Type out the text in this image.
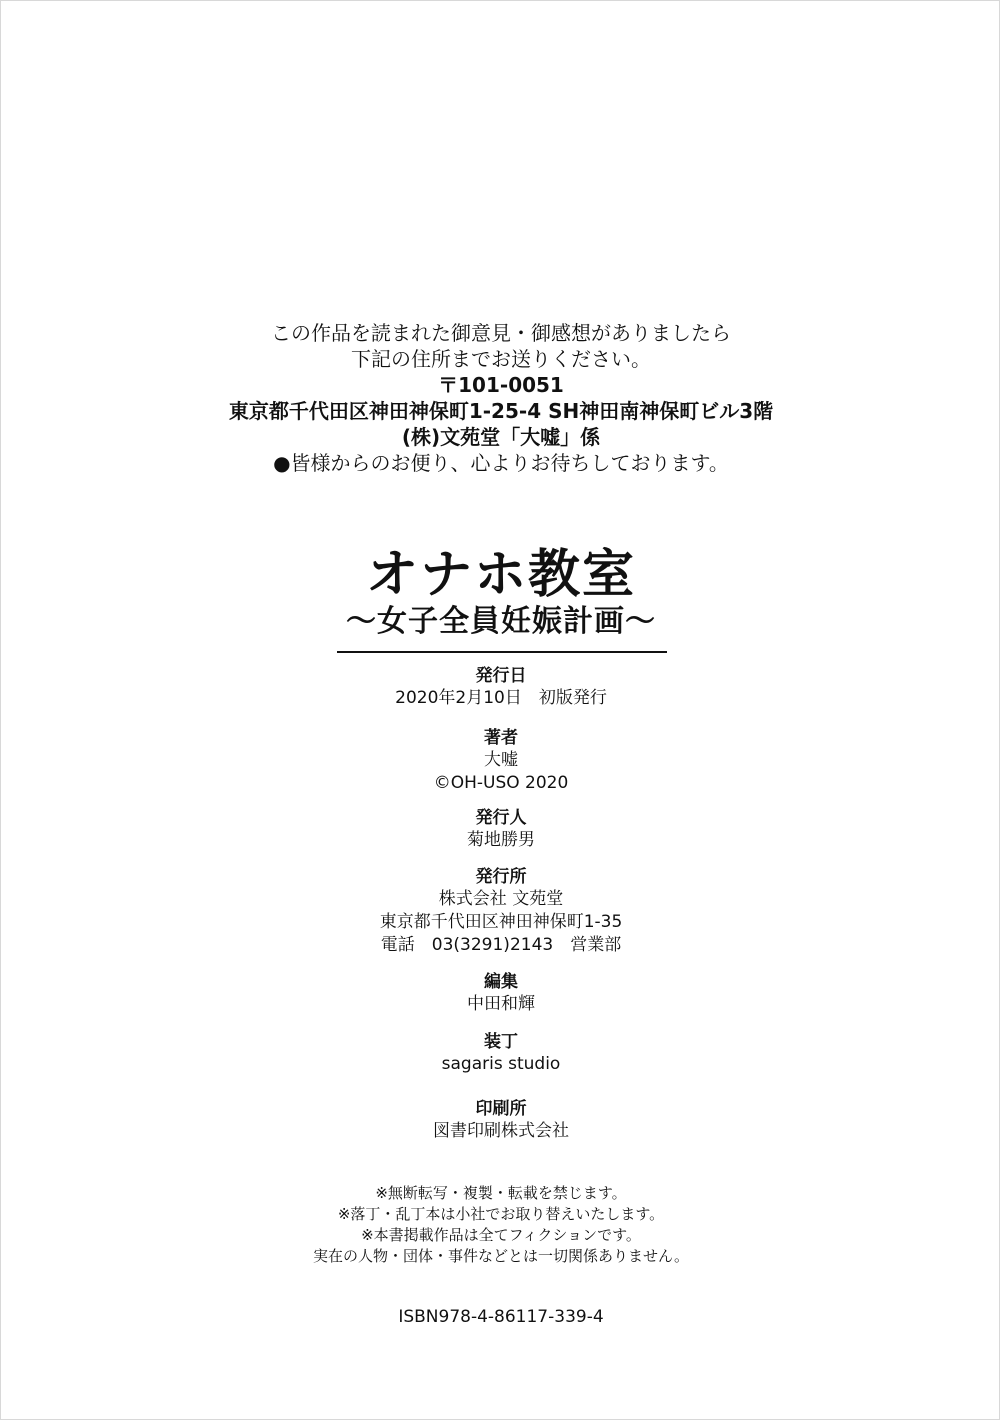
この作品を読まれた御意見・御感想がありましたら
下記の住所までお送りください。
〒101-0051
東京都千代田区神田神保町1-25-4 SH神田南神保町ビル3階
(株)文苑堂「大嘘」係
●皆様からのお便り、心よりお待ちしております。
オナホ教室
〜女子全員妊娠計画〜
発行日
2020年2月10日　初版発行
著者
大嘘
©OH-USO 2020
発行人
菊地勝男
発行所
株式会社 文苑堂
東京都千代田区神田神保町1-35
電話　03(3291)2143　営業部
編集
中田和輝
装丁
sagaris studio
印刷所
図書印刷株式会社
※無断転写・複製・転載を禁じます。
※落丁・乱丁本は小社でお取り替えいたします。
※本書掲載作品は全てフィクションです。
実在の人物・団体・事件などとは一切関係ありません。
ISBN978-4-86117-339-4
